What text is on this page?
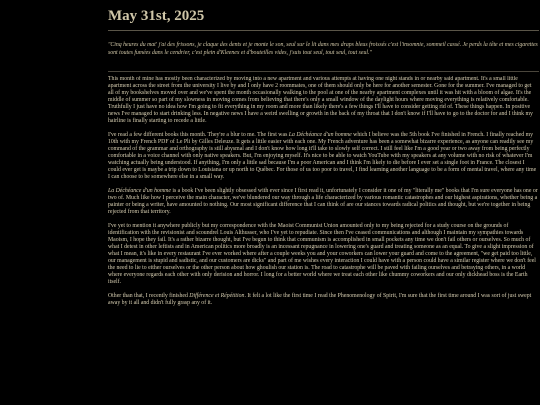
May 31st, 2025

"Cinq heures du mat' j'ai des frissons, je claque des dents et je monte le son, seul sur le lit dans mes draps bleus froissés c'est l'insomnie, sommeil cassé. Je perds la tête et mes cigarettes sont toutes fumées dans le cendrier, c'est plein d'Kleenex et d'bouteilles vides, j'suis tout seul, tout seul, tout seul."

This month of mine has mostly been characterized by moving into a new apartment and various attempts at having one night stands in or nearby said apartment. It's a small little apartment across the street from the university I live by and I only have 2 roommates, one of them should only be here for another semester. Gone for the summer. I've managed to get all of my bookshelves moved over and we've spent the month occasionally walking to the pool at one of the nearby apartment complexes until it was hit with a bloom of algae. It's the middle of summer so part of my slowness in moving comes from believing that there's only a small window of the daylight hours where moving everything is relatively comfortable. Truthfully I just have no idea how I'm going to fit everything in my room and more than likely there's a few things I'll have to consider getting rid of. These things happen. In positive news I've managed to start drinking less. In negative news I have a weird swelling or growth in the back of my throat that I don't know if I'll have to go to the doctor for and I think my hairline is finally starting to recede a little.

I've read a few different books this month. They're a blur to me. The first was La Déchéance d'un homme which I believe was the 5th book I've finished in French. I finally reached my 10th with my French PDF of Le Pli by Gilles Deleuze. It gets a little easier with each one. My French adventure has been a somewhat bizarre experience, as anyone can readily see my command of the grammar and orthography is still abysmal and I don't know how long it'll take to slowly self correct. I still feel like I'm a good year or two away from being perfectly comfortable in a voice channel with only native speakers. But, I'm enjoying myself. It's nice to be able to watch YouTube with my speakers at any volume with no risk of whatever I'm watching actually being understood. If anything, I'm only a little sad because I'm a poor American and I think I'm likely to die before I ever set a single foot in France. The closest I could ever get is maybe a trip down to Louisiana or up north to Québec. For those of us too poor to travel, I find learning another language to be a form of mental travel, where any time I can choose to be somewhere else in a small way.

La Déchéance d'un homme is a book I've been slightly obsessed with ever since I first read it, unfortunately I consider it one of my "literally me" books that I'm sure everyone has one or two of. Much like how I perceive the main character, we've blundered our way through a life characterized by various romantic catastrophes and our highest aspirations, whether being a painter or being a writer, have amounted to nothing. Our most significant difference that I can think of are our stances towards radical politics and thought, but we're together in being rejected from that territory.

I've yet to mention it anywhere publicly but my correspondence with the Maoist Communist Union amounted only to my being rejected for a study course on the grounds of identification with the revisionist and scoundrel Louis Althusser, who I've yet to repudiate. Since then I've ceased communications and although I maintain my sympathies towards Maoism, I hope they fail. It's a rather bizarre thought, but I've begun to think that communism is accomplished in small pockets any time we don't fail others or ourselves. So much of what I detest in other leftists and in American politics more broadly is an incessant repugnance in lowering one's guard and treating someone as an equal. To give a slight impression of what I mean, it's like in every restaurant I've ever worked where after a couple weeks you and your coworkers can lower your guard and come to the agreement, "we get paid too little, our management is stupid and sadistic, and our customers are dicks" and part of me wishes every interaction I could have with a person could have a similar register where we don't feel the need to lie to either ourselves or the other person about how ghoulish our station is. The road to catastrophe will be paved with failing ourselves and betraying others, in a world where everyone regards each other with only derision and horror. I long for a better world where we treat each other like chummy coworkers and our only dickhead boss is the Earth itself.

Other than that, I recently finished Différence et Répétition. It felt a lot like the first time I read the Phenomenology of Spirit, I'm sure that the first time around I was sort of just swept away by it all and didn't fully grasp any of it.
